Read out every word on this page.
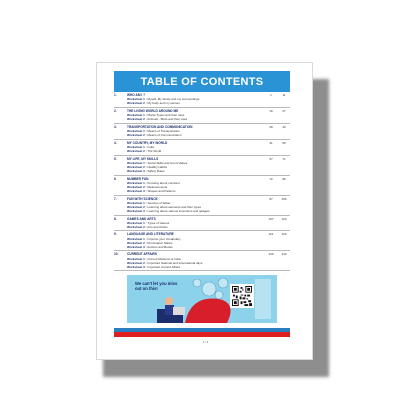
TABLE OF CONTENTS
1.	WHO AM I ?
Worksheet 1 : Myself, My family and my surroundings
Worksheet 2 : My body and my senses
1	11
2.	THE LIVING WORLD AROUND ME
Worksheet 1 : Plants Types and their uses
Worksheet 2 : Animals - Birds and their uses
16	27
3.	TRANSPORTATION AND COMMUNICATION
Worksheet 1 : Means of Transportation
Worksheet 2 : Means of Communication
28	40
4.	MY COUNTRY, MY WORLD
Worksheet 1 : India
Worksheet 2 : The World
41	56
5.	MY LIFE, MY SKILLS
Worksheet 1 : Social Skills and Good Values
Worksheet 2 : Healthy Habits
Worksheet 3 : Safety Rules
57	71
6.	NUMBER FUN
Worksheet 1 : Knowing about numbers
Worksheet 2 : Measurements
Worksheet 3 : Shapes and Patterns
72	86
7.	FUN WITH SCIENCE
Worksheet 1 : Sources of Water
Worksheet 2 : Learning about elements and their types
Worksheet 3 : Learning about various inventions and gadgets
87	106
8.	GAMES AND ARTS
Worksheet 1 : Types of Games
Worksheet 2 : Arts and Artists
107	120
9.	LANGUAGE AND LITERATURE
Worksheet 1 : Improve your Vocabulary
Worksheet 2 : Punctuation Marks
Worksheet 3 : Authors and Books
121	129
10.	CURRENT AFFAIRS
Worksheet 1 : Current Missions of India
Worksheet 2 : Important National and International days
Worksheet 3 : Important Current Affairs
130	140
We can't let you miss out on this!
1 / 1
